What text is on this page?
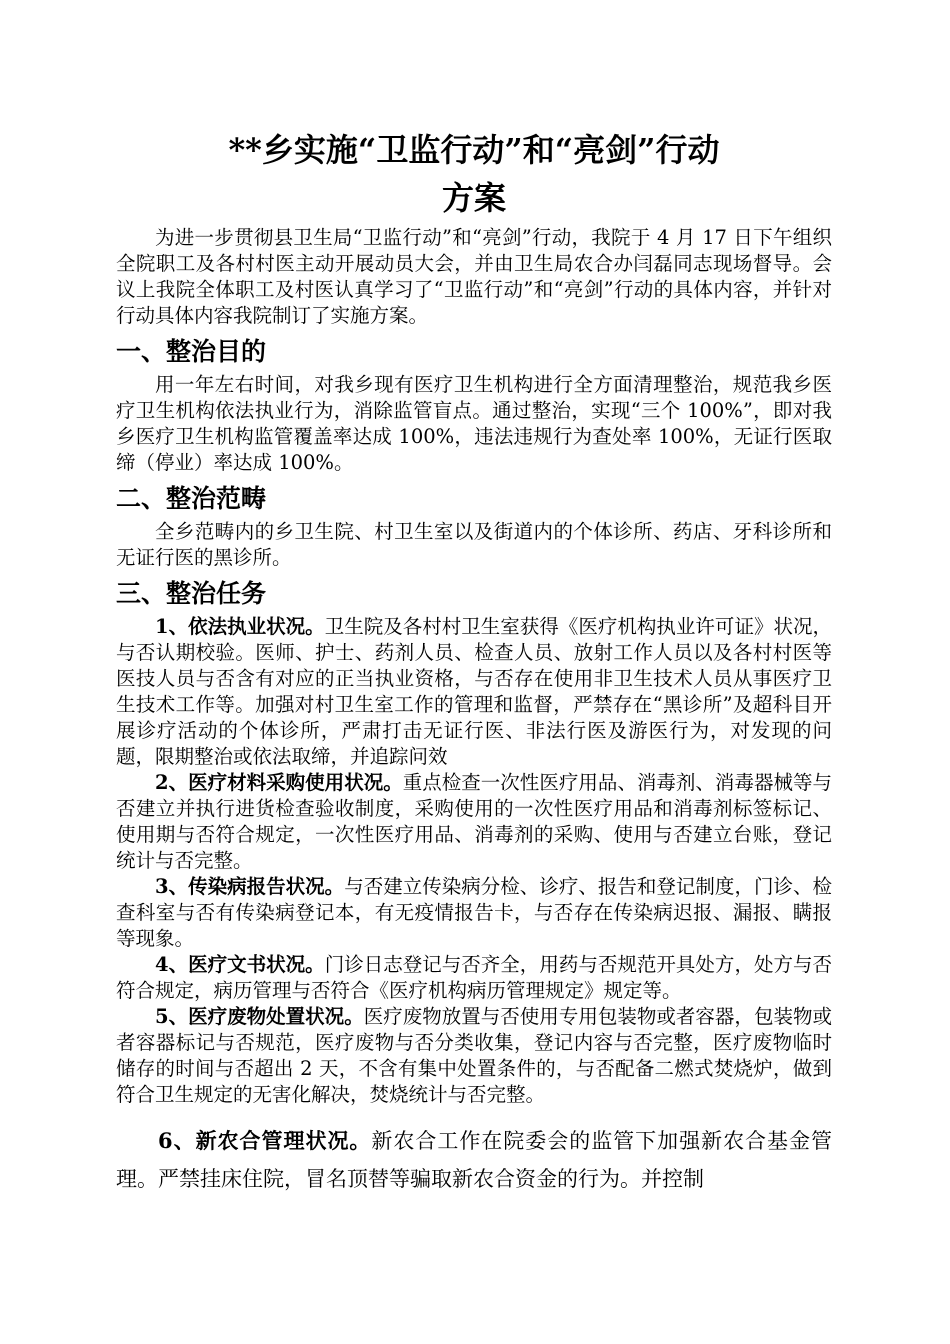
**乡实施“卫监行动”和“亮剑”行动
方案

为进一步贯彻县卫生局“卫监行动”和“亮剑”行动，我院于 4 月 17 日下午组织全院职工及各村村医主动开展动员大会，并由卫生局农合办闫磊同志现场督导。会议上我院全体职工及村医认真学习了“卫监行动”和“亮剑”行动的具体内容，并针对行动具体内容我院制订了实施方案。

一、整治目的

用一年左右时间，对我乡现有医疗卫生机构进行全方面清理整治，规范我乡医疗卫生机构依法执业行为，消除监管盲点。通过整治，实现“三个 100%”，即对我乡医疗卫生机构监管覆盖率达成 100%，违法违规行为查处率 100%，无证行医取缔（停业）率达成 100%。

二、整治范畴

全乡范畴内的乡卫生院、村卫生室以及街道内的个体诊所、药店、牙科诊所和无证行医的黑诊所。

三、整治任务

1、依法执业状况。卫生院及各村村卫生室获得《医疗机构执业许可证》状况，与否认期校验。医师、护士、药剂人员、检查人员、放射工作人员以及各村村医等医技人员与否含有对应的正当执业资格，与否存在使用非卫生技术人员从事医疗卫生技术工作等。加强对村卫生室工作的管理和监督，严禁存在“黑诊所”及超科目开展诊疗活动的个体诊所，严肃打击无证行医、非法行医及游医行为，对发现的问题，限期整治或依法取缔，并追踪问效

2、医疗材料采购使用状况。重点检查一次性医疗用品、消毒剂、消毒器械等与否建立并执行进货检查验收制度，采购使用的一次性医疗用品和消毒剂标签标记、使用期与否符合规定，一次性医疗用品、消毒剂的采购、使用与否建立台账，登记统计与否完整。

3、传染病报告状况。与否建立传染病分检、诊疗、报告和登记制度，门诊、检查科室与否有传染病登记本，有无疫情报告卡，与否存在传染病迟报、漏报、瞒报等现象。

4、医疗文书状况。门诊日志登记与否齐全，用药与否规范开具处方，处方与否符合规定，病历管理与否符合《医疗机构病历管理规定》规定等。

5、医疗废物处置状况。医疗废物放置与否使用专用包装物或者容器，包装物或者容器标记与否规范，医疗废物与否分类收集，登记内容与否完整，医疗废物临时储存的时间与否超出 2 天，不含有集中处置条件的，与否配备二燃式焚烧炉，做到符合卫生规定的无害化解决，焚烧统计与否完整。

6、新农合管理状况。新农合工作在院委会的监管下加强新农合基金管理。严禁挂床住院，冒名顶替等骗取新农合资金的行为。并控制
